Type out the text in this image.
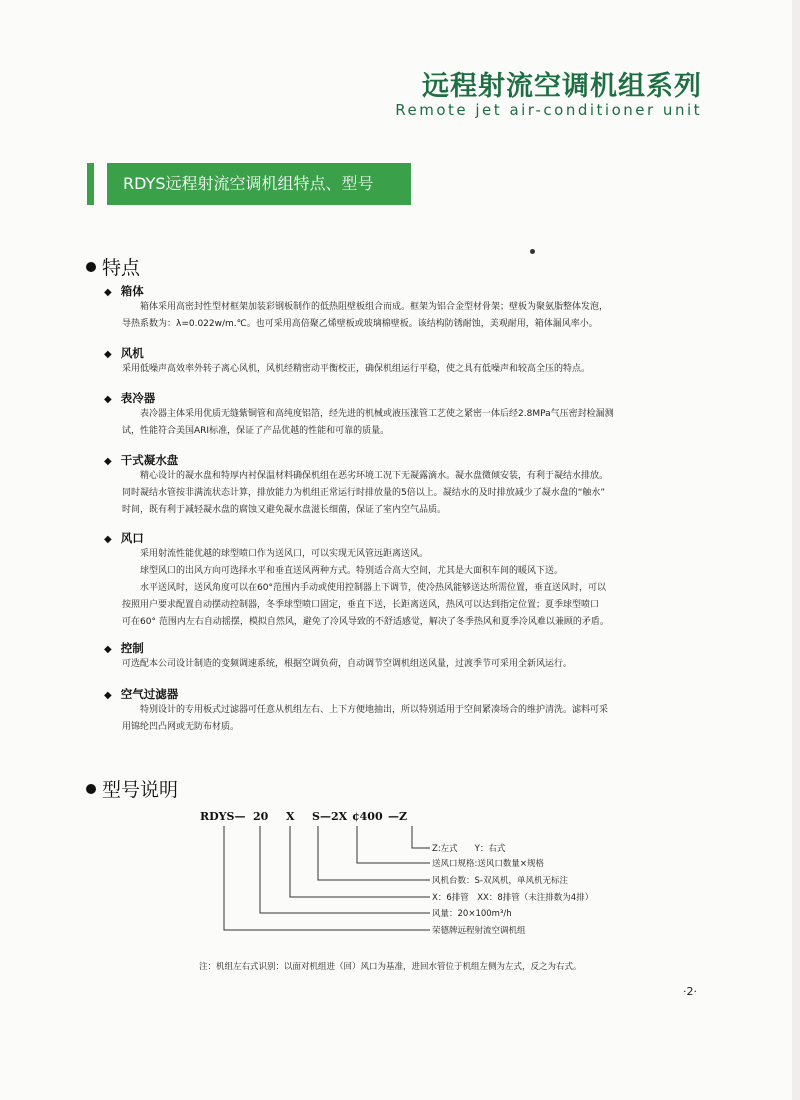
远程射流空调机组系列
Remote jet air-conditioner unit
RDYS远程射流空调机组特点、型号
特点
◆ 箱体

箱体采用高密封性型材框架加装彩钢板制作的低热阻壁板组合而成。框架为铝合金型材骨架；壁板为聚氨脂整体发泡，

导热系数为：λ=0.022w/m.℃。也可采用高倍聚乙烯壁板或玻璃棉壁板。该结构防锈耐蚀，美观耐用，箱体漏风率小。

◆ 风机

采用低噪声高效率外转子离心风机，风机经精密动平衡校正，确保机组运行平稳，使之具有低噪声和较高全压的特点。

◆ 表冷器

表冷器主体采用优质无缝紫铜管和高纯度铝箔，经先进的机械或液压涨管工艺使之紧密一体后经2.8MPa气压密封检漏测

试，性能符合美国ARI标准，保证了产品优越的性能和可靠的质量。

◆ 干式凝水盘

精心设计的凝水盘和特厚内衬保温材料确保机组在恶劣环境工况下无凝露滴水。凝水盘微倾安装，有利于凝结水排放。

同时凝结水管按非满流状态计算，排放能力为机组正常运行时排放量的5倍以上。凝结水的及时排放减少了凝水盘的“触水”

时间，既有利于减轻凝水盘的腐蚀又避免凝水盘滋长细菌，保证了室内空气品质。

◆ 风口

采用射流性能优越的球型喷口作为送风口，可以实现无风管远距离送风。

球型风口的出风方向可选择水平和垂直送风两种方式。特别适合高大空间，尤其是大面积车间的暖风下送。

水平送风时，送风角度可以在60°范围内手动或使用控制器上下调节，使冷热风能够送达所需位置，垂直送风时，可以

按照用户要求配置自动摆动控制器，冬季球型喷口固定，垂直下送，长距离送风，热风可以达到指定位置；夏季球型喷口

可在60° 范围内左右自动摇摆，模拟自然风，避免了冷风导致的不舒适感觉，解决了冬季热风和夏季冷风难以兼顾的矛盾。

◆ 控制

可选配本公司设计制造的变频调速系统，根据空调负荷，自动调节空调机组送风量，过渡季节可采用全新风运行。

◆ 空气过滤器

特别设计的专用板式过滤器可任意从机组左右、上下方便地抽出，所以特别适用于空间紧凑场合的维护清洗。滤料可采

用锦纶凹凸网或无防布材质。

型号说明
RDYS— 20 X S—2X ¢400 —Z
Z:左式　　Y：右式
送风口规格:送风口数量×规格
风机台数：S-双风机，单风机无标注
X：6排管　XX：8排管（未注排数为4排）
风量：20×100m³/h
荣德牌远程射流空调机组
注：机组左右式识别：以面对机组进（回）风口为基准，进回水管位于机组左侧为左式，反之为右式。
·2·
